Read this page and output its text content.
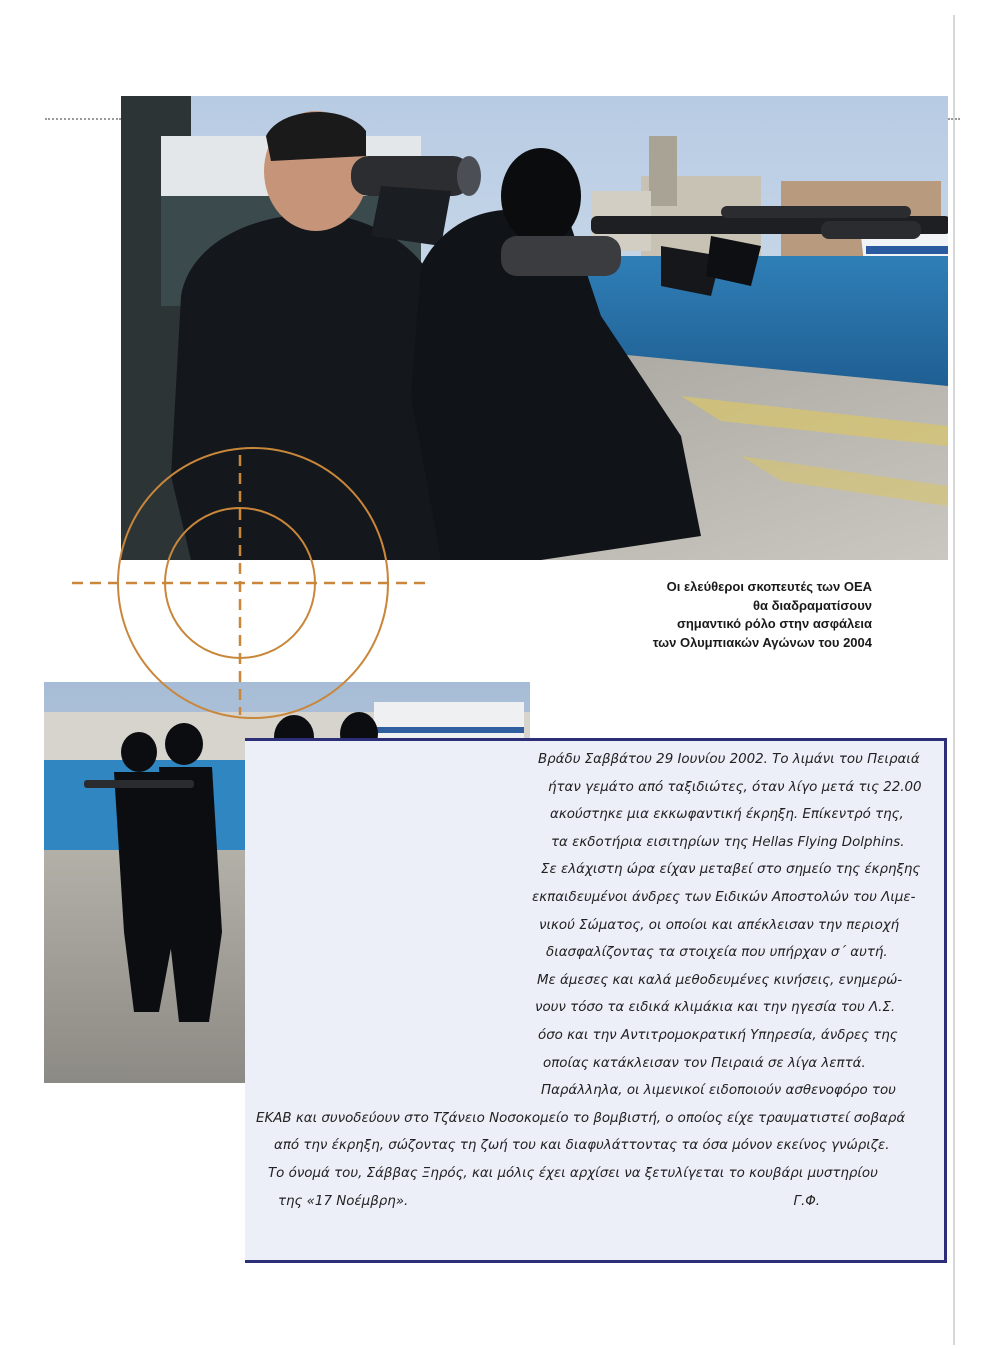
Οι ελεύθεροι σκοπευτές των ΟΕΑ
θα διαδραματίσουν
σημαντικό ρόλο στην ασφάλεια
των Ολυμπιακών Αγώνων του 2004
Βράδυ Σαββάτου 29 Ιουνίου 2002. Το λιμάνι του Πειραιά
ήταν γεμάτο από ταξιδιώτες, όταν λίγο μετά τις 22.00
ακούστηκε μια εκκωφαντική έκρηξη. Επίκεντρό της,
τα εκδοτήρια εισιτηρίων της Hellas Flying Dolphins.
Σε ελάχιστη ώρα είχαν μεταβεί στο σημείο της έκρηξης
εκπαιδευμένοι άνδρες των Ειδικών Αποστολών του Λιμε-
νικού Σώματος, οι οποίοι και απέκλεισαν την περιοχή
διασφαλίζοντας τα στοιχεία που υπήρχαν σ΄ αυτή.
Με άμεσες και καλά μεθοδευμένες κινήσεις, ενημερώ-
νουν τόσο τα ειδικά κλιμάκια και την ηγεσία του Λ.Σ.
όσο και την Αντιτρομοκρατική Υπηρεσία, άνδρες της
οποίας κατάκλεισαν τον Πειραιά σε λίγα λεπτά.
Παράλληλα, οι λιμενικοί ειδοποιούν ασθενοφόρο του
ΕΚΑΒ και συνοδεύουν στο Τζάνειο Νοσοκομείο το βομβιστή, ο οποίος είχε τραυματιστεί σοβαρά
από την έκρηξη, σώζοντας τη ζωή του και διαφυλάττοντας τα όσα μόνον εκείνος γνώριζε.
Το όνομά του, Σάββας Ξηρός, και μόλις έχει αρχίσει να ξετυλίγεται το κουβάρι μυστηρίου
της «17 Νοέμβρη».	Γ.Φ.
